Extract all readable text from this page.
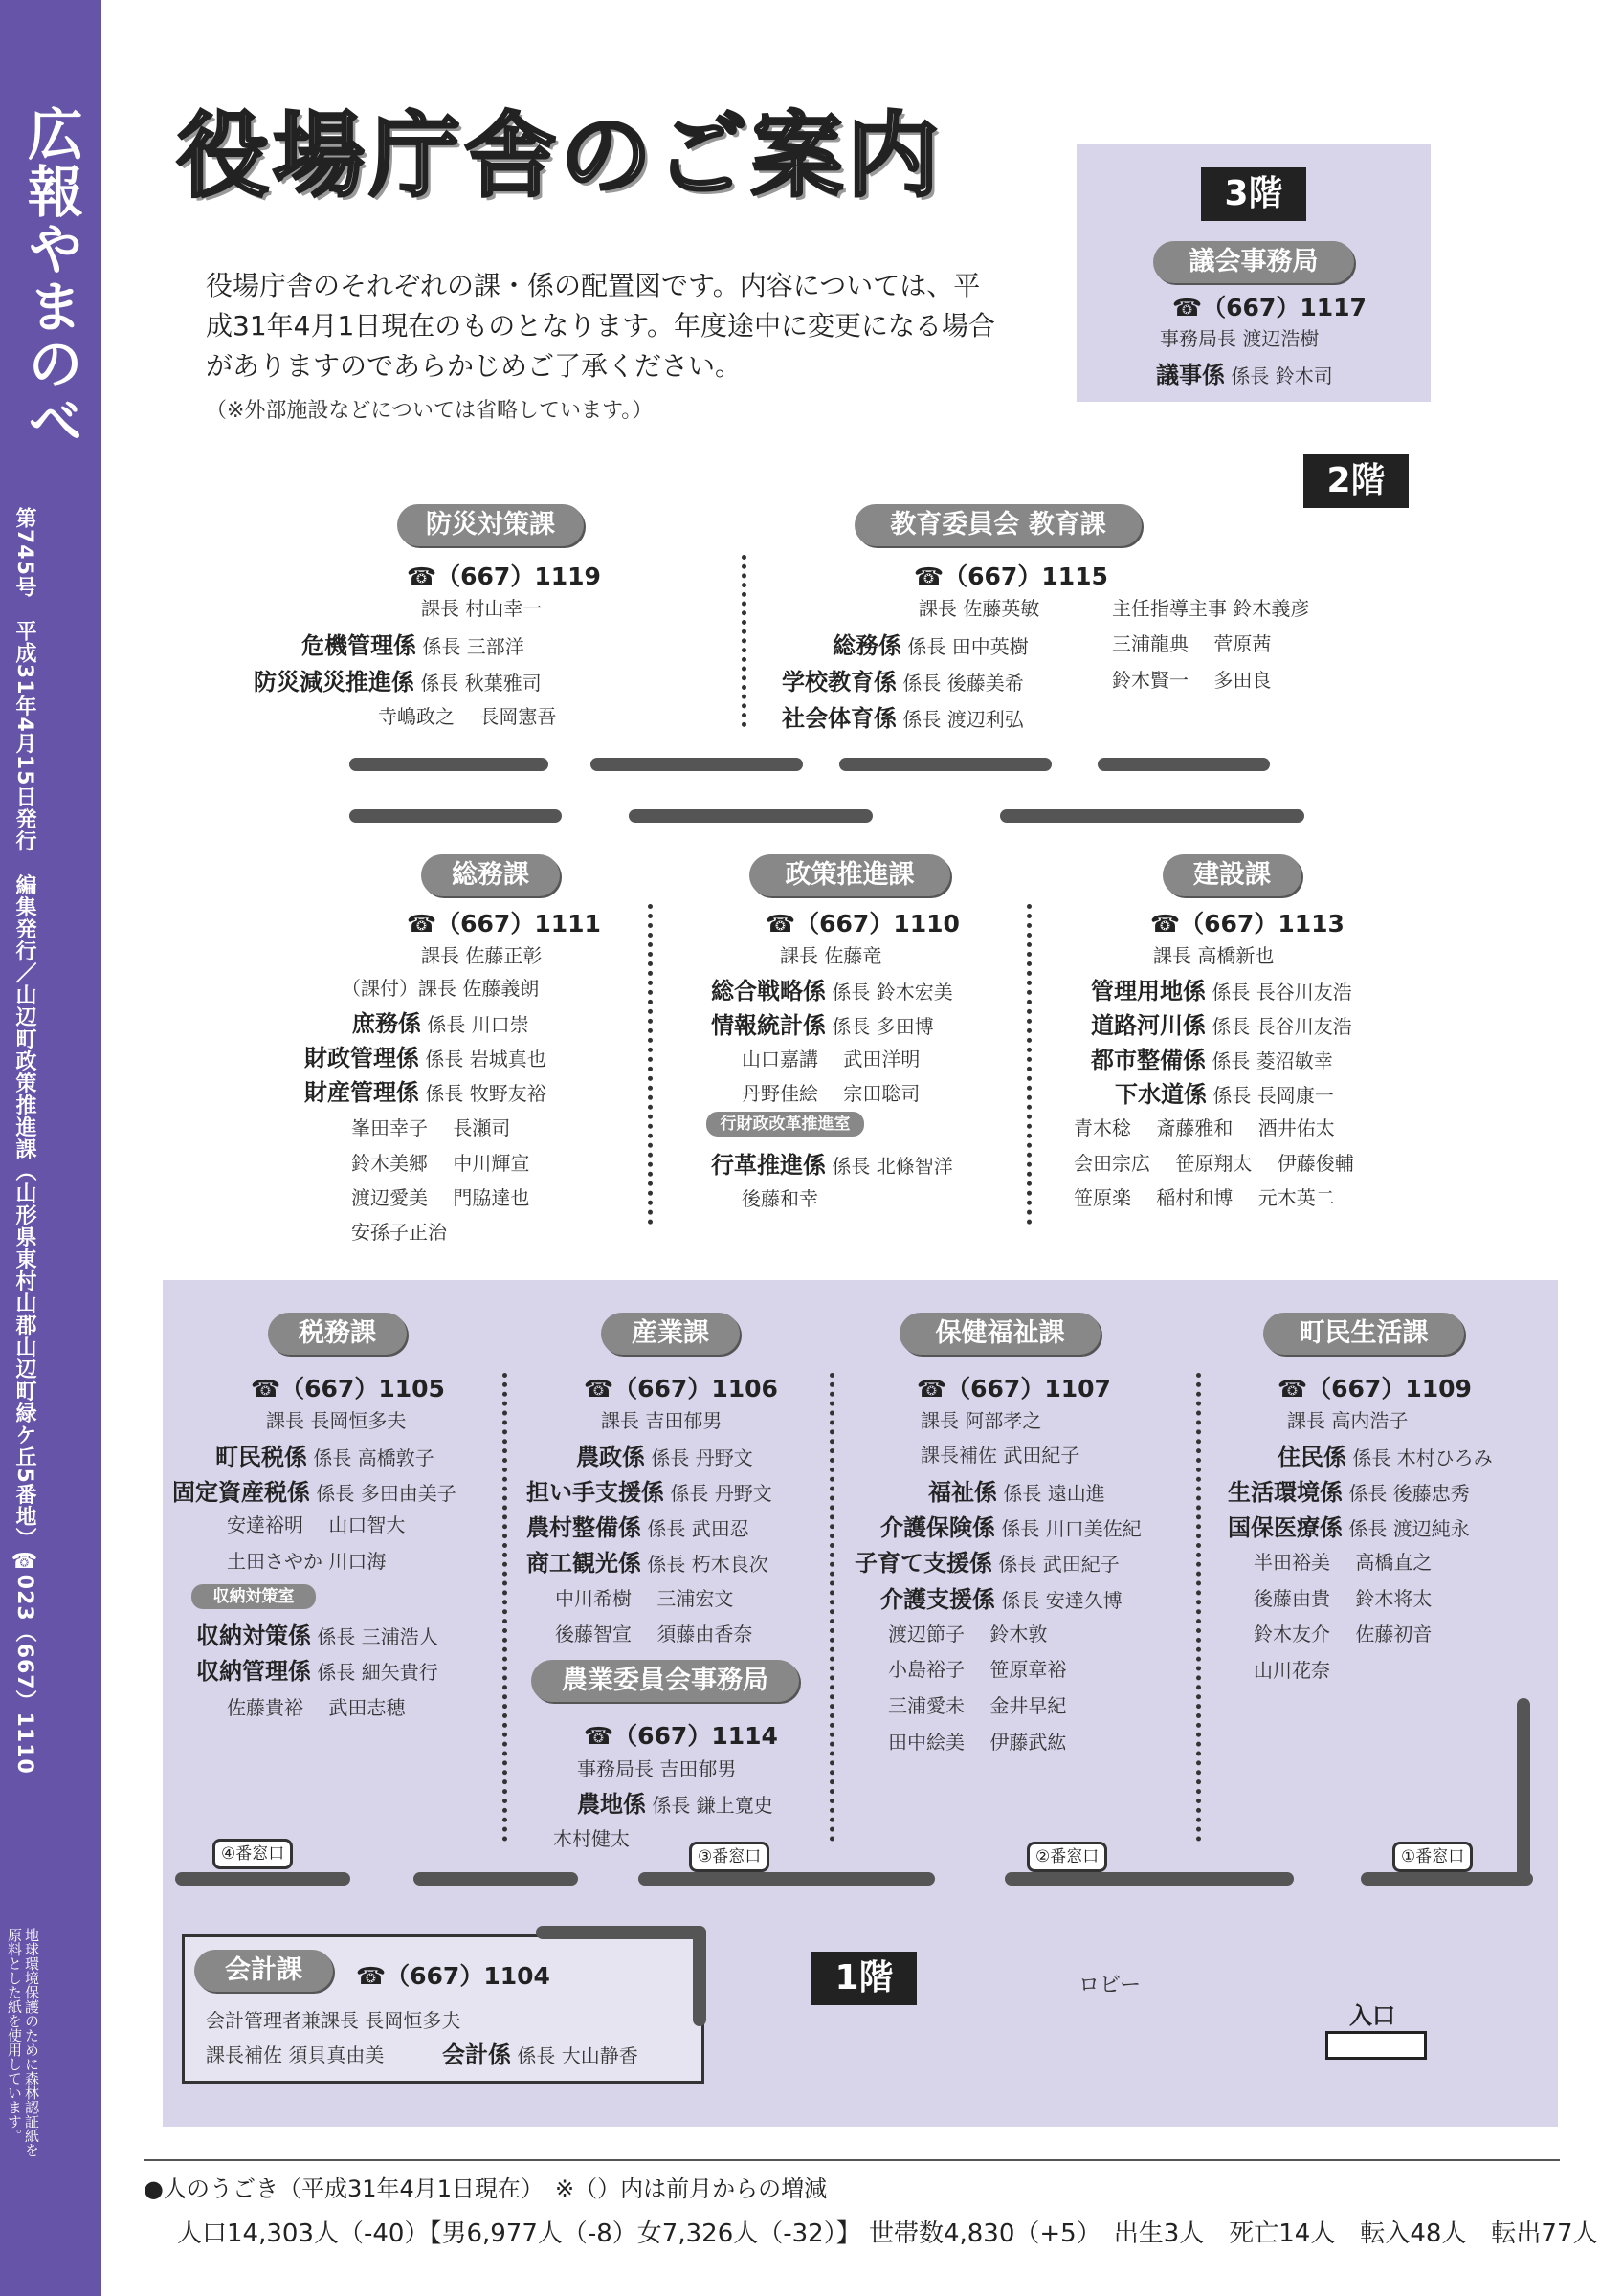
広報やまのべ
第745号　平成31年4月15日発行　編集発行／山辺町政策推進課（山形県東村山郡山辺町緑ケ丘5番地）☎023（667）1110
地球環境保護のために森林認証紙を
原料とした紙を使用しています。
役場庁舎のご案内
役場庁舎のそれぞれの課・係の配置図です。内容については、平成31年4月1日現在のものとなります。年度途中に変更になる場合がありますのであらかじめご了承ください。
（※外部施設などについては省略しています。）
3階
議会事務局
☎（667）1117
事務局長 渡辺浩樹
議事係 係長 鈴木司
2階
防災対策課
☎（667）1119
課長 村山幸一
危機管理係 係長 三部洋
防災減災推進係 係長 秋葉雅司
寺嶋政之　 長岡憲吾
教育委員会 教育課
☎（667）1115
課長 佐藤英敏
総務係 係長 田中英樹
学校教育係 係長 後藤美希
社会体育係 係長 渡辺利弘
主任指導主事 鈴木義彦
三浦龍典　 菅原茜
鈴木賢一　 多田良
総務課
☎（667）1111
課長 佐藤正彰
（課付）課長 佐藤義朗
庶務係 係長 川口崇
財政管理係 係長 岩城真也
財産管理係 係長 牧野友裕
峯田幸子　 長瀬司
鈴木美郷　 中川輝宣
渡辺愛美　 門脇達也
安孫子正治
政策推進課
☎（667）1110
課長 佐藤竜
総合戦略係 係長 鈴木宏美
情報統計係 係長 多田博
山口嘉講　 武田洋明
丹野佳絵　 宗田聡司
行財政改革推進室
行革推進係 係長 北條智洋
後藤和幸
建設課
☎（667）1113
課長 高橋新也
管理用地係 係長 長谷川友浩
道路河川係 係長 長谷川友浩
都市整備係 係長 菱沼敏幸
下水道係 係長 長岡康一
青木稔　 斎藤雅和　 酒井佑太
会田宗広　 笹原翔太　 伊藤俊輔
笹原楽　 稲村和博　 元木英二
税務課
☎（667）1105
課長 長岡恒多夫
町民税係 係長 高橋敦子
固定資産税係 係長 多田由美子
安達裕明　 山口智大
土田さやか 川口海
収納対策室
収納対策係 係長 三浦浩人
収納管理係 係長 細矢貴行
佐藤貴裕　 武田志穂
産業課
☎（667）1106
課長 吉田郁男
農政係 係長 丹野文
担い手支援係 係長 丹野文
農村整備係 係長 武田忍
商工観光係 係長 朽木良次
中川希樹　 三浦宏文
後藤智宣　 須藤由香奈
農業委員会事務局
☎（667）1114
事務局長 吉田郁男
農地係 係長 鎌上寛史
木村健太
保健福祉課
☎（667）1107
課長 阿部孝之
課長補佐 武田紀子
福祉係 係長 遠山進
介護保険係 係長 川口美佐紀
子育て支援係 係長 武田紀子
介護支援係 係長 安達久博
渡辺節子　 鈴木敦
小島裕子　 笹原章裕
三浦愛未　 金井早紀
田中絵美　 伊藤武紘
町民生活課
☎（667）1109
課長 高内浩子
住民係 係長 木村ひろみ
生活環境係 係長 後藤忠秀
国保医療係 係長 渡辺純永
半田裕美　 高橋直之
後藤由貴　 鈴木将太
鈴木友介　 佐藤初音
山川花奈
④番窓口	③番窓口	②番窓口	①番窓口
会計課	☎（667）1104
会計管理者兼課長 長岡恒多夫
課長補佐 須貝真由美	会計係 係長 大山静香
1階	ロビー
入口
●人のうごき（平成31年4月1日現在）　※（）内は前月からの増減
人口14,303人（-40）【男6,977人（-8）女7,326人（-32）】 世帯数4,830（+5）　出生3人　死亡14人　転入48人　転出77人
